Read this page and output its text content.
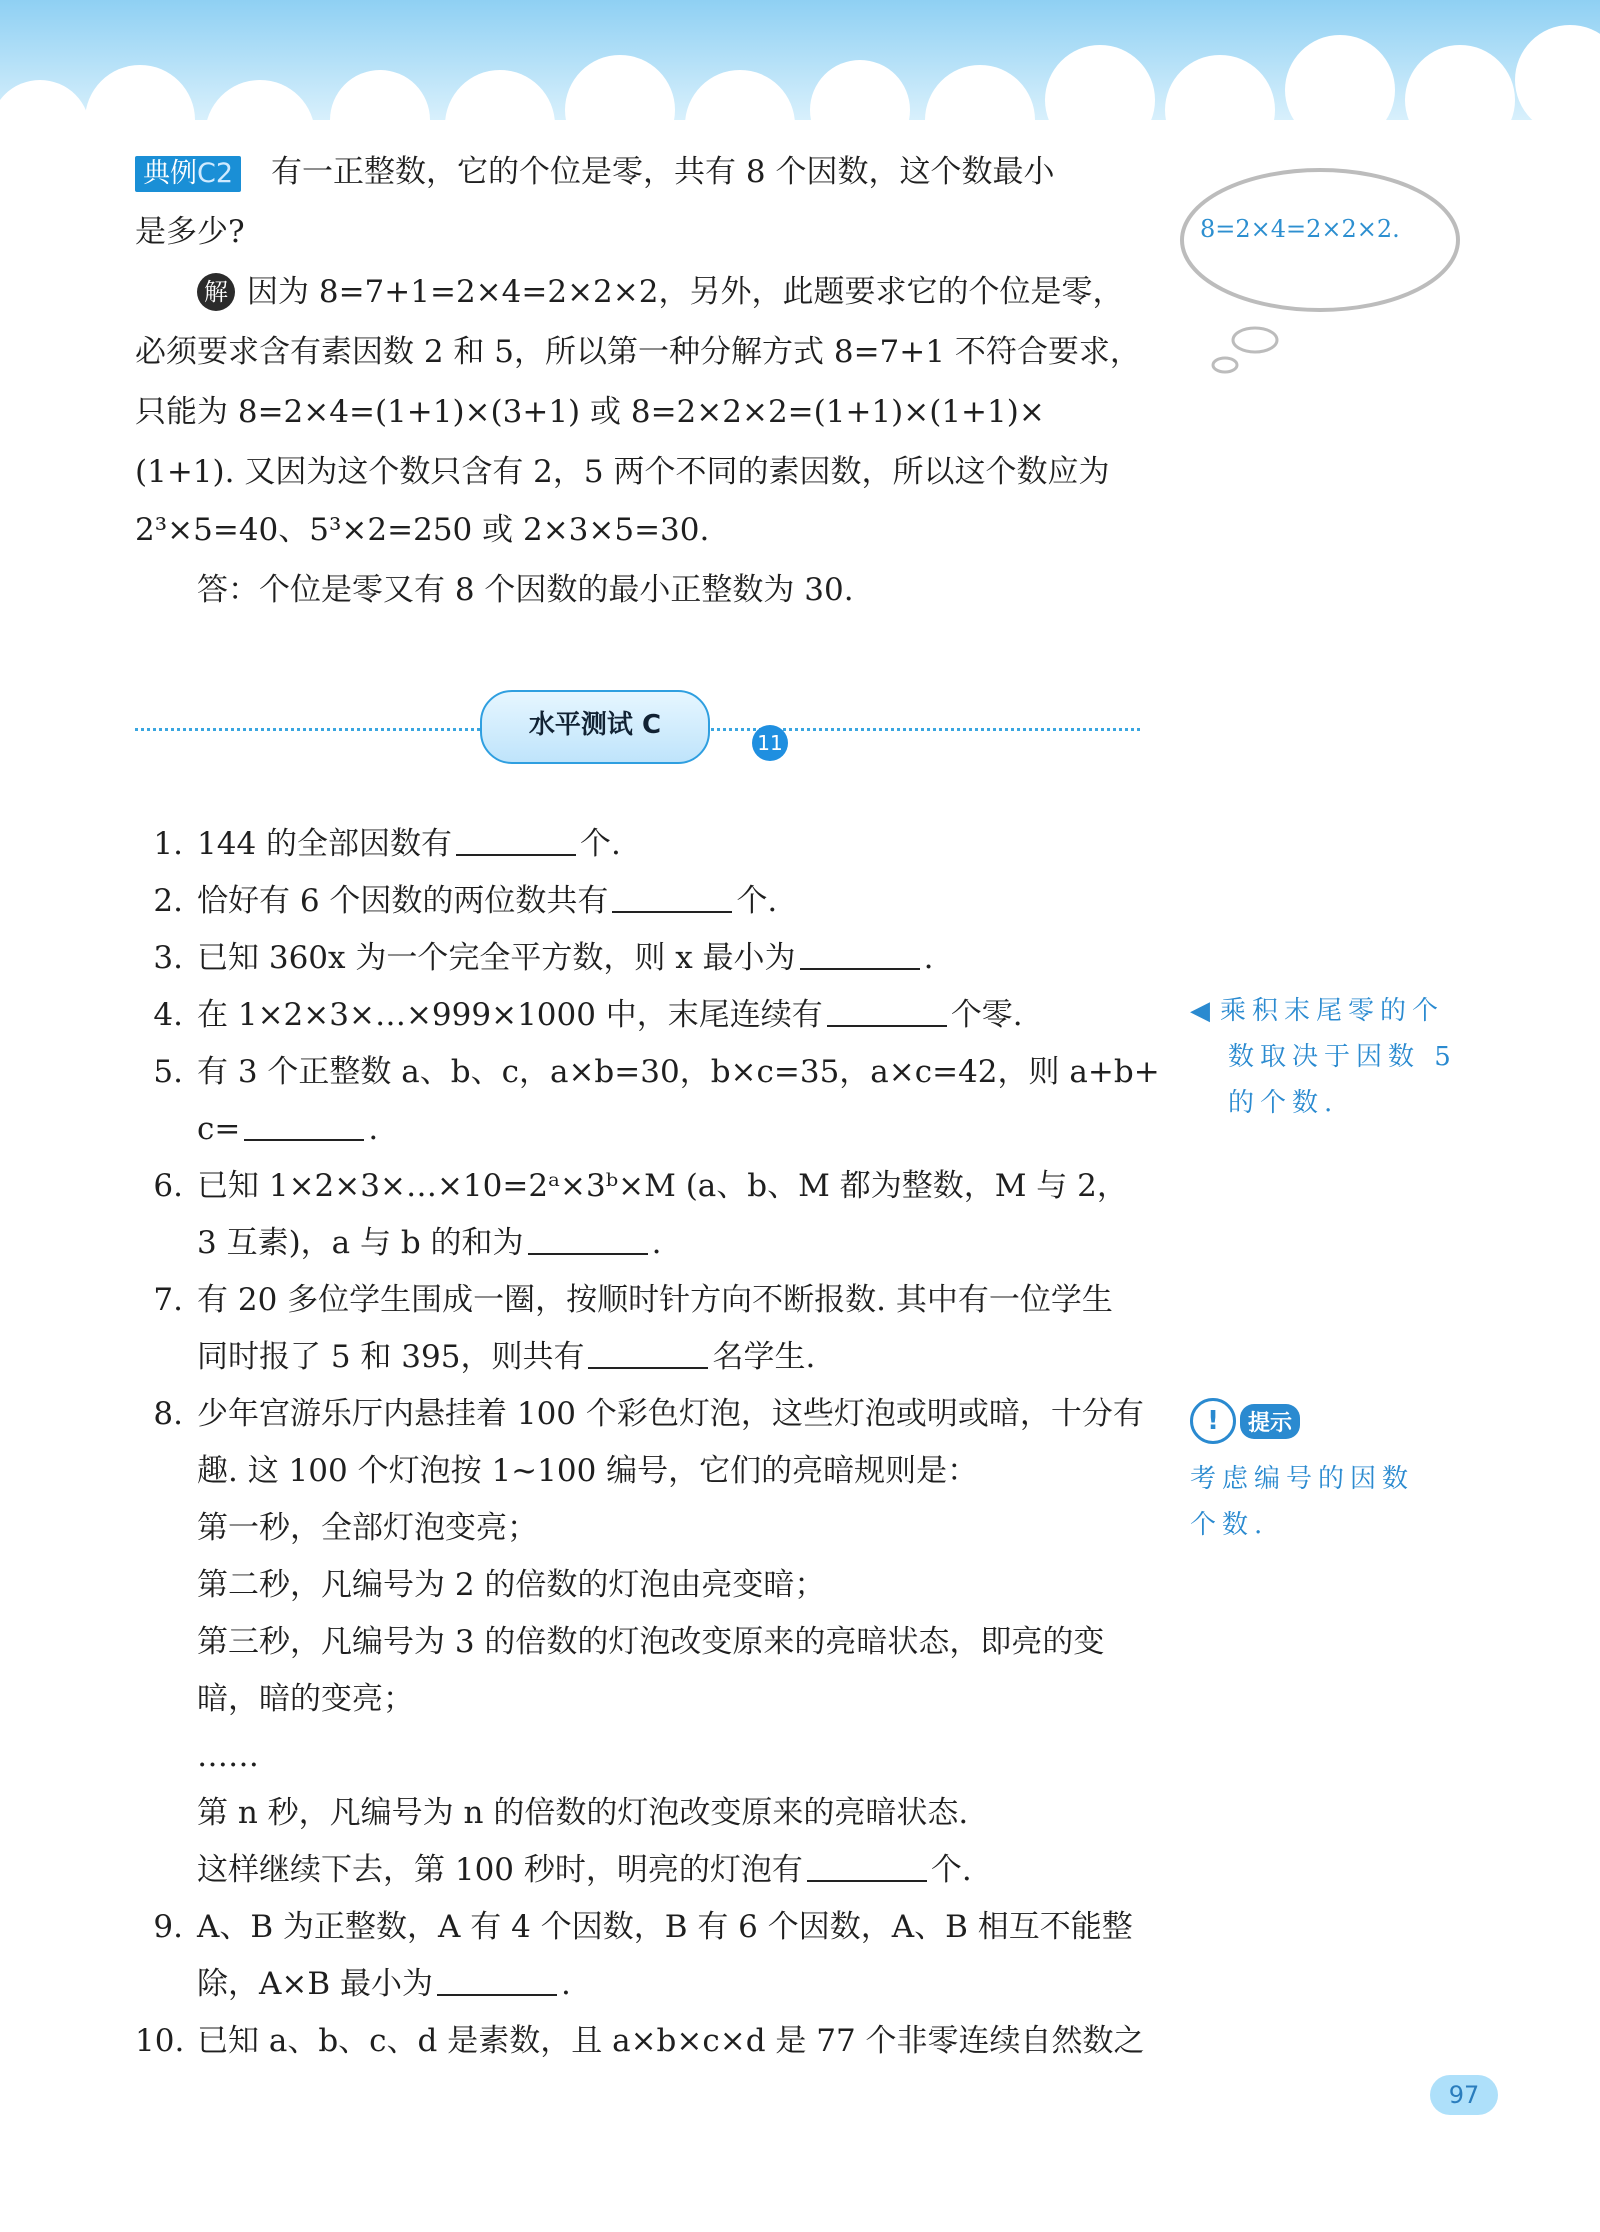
典例C2 有一正整数，它的个位是零，共有 8 个因数，这个数最小
是多少?
解 因为 8=7+1=2×4=2×2×2，另外，此题要求它的个位是零，
必须要求含有素因数 2 和 5，所以第一种分解方式 8=7+1 不符合要求，
只能为 8=2×4=(1+1)×(3+1) 或 8=2×2×2=(1+1)×(1+1)×
(1+1). 又因为这个数只含有 2，5 两个不同的素因数，所以这个数应为
2³×5=40、5³×2=250 或 2×3×5=30.
答：个位是零又有 8 个因数的最小正整数为 30.
8=2×4=2×2×2.
水平测试 C
11
1. 144 的全部因数有	个.
2. 恰好有 6 个因数的两位数共有	个.
3. 已知 360x 为一个完全平方数，则 x 最小为	.
4. 在 1×2×3×…×999×1000 中，末尾连续有	个零.
5. 有 3 个正整数 a、b、c，a×b=30，b×c=35，a×c=42，则 a+b+
c=	.
6. 已知 1×2×3×…×10=2ᵃ×3ᵇ×M (a、b、M 都为整数，M 与 2，
3 互素)，a 与 b 的和为	.
7. 有 20 多位学生围成一圈，按顺时针方向不断报数. 其中有一位学生
同时报了 5 和 395，则共有	名学生.
8. 少年宫游乐厅内悬挂着 100 个彩色灯泡，这些灯泡或明或暗，十分有
趣. 这 100 个灯泡按 1~100 编号，它们的亮暗规则是：
第一秒，全部灯泡变亮；
第二秒，凡编号为 2 的倍数的灯泡由亮变暗；
第三秒，凡编号为 3 的倍数的灯泡改变原来的亮暗状态，即亮的变
暗，暗的变亮；
……
第 n 秒，凡编号为 n 的倍数的灯泡改变原来的亮暗状态.
这样继续下去，第 100 秒时，明亮的灯泡有	个.
9. A、B 为正整数，A 有 4 个因数，B 有 6 个因数，A、B 相互不能整
除，A×B 最小为	.
10. 已知 a、b、c、d 是素数，且 a×b×c×d 是 77 个非零连续自然数之
◀ 乘积末尾零的个
数取决于因数 5
的个数.
! 提示
考虑编号的因数
个数.
97
